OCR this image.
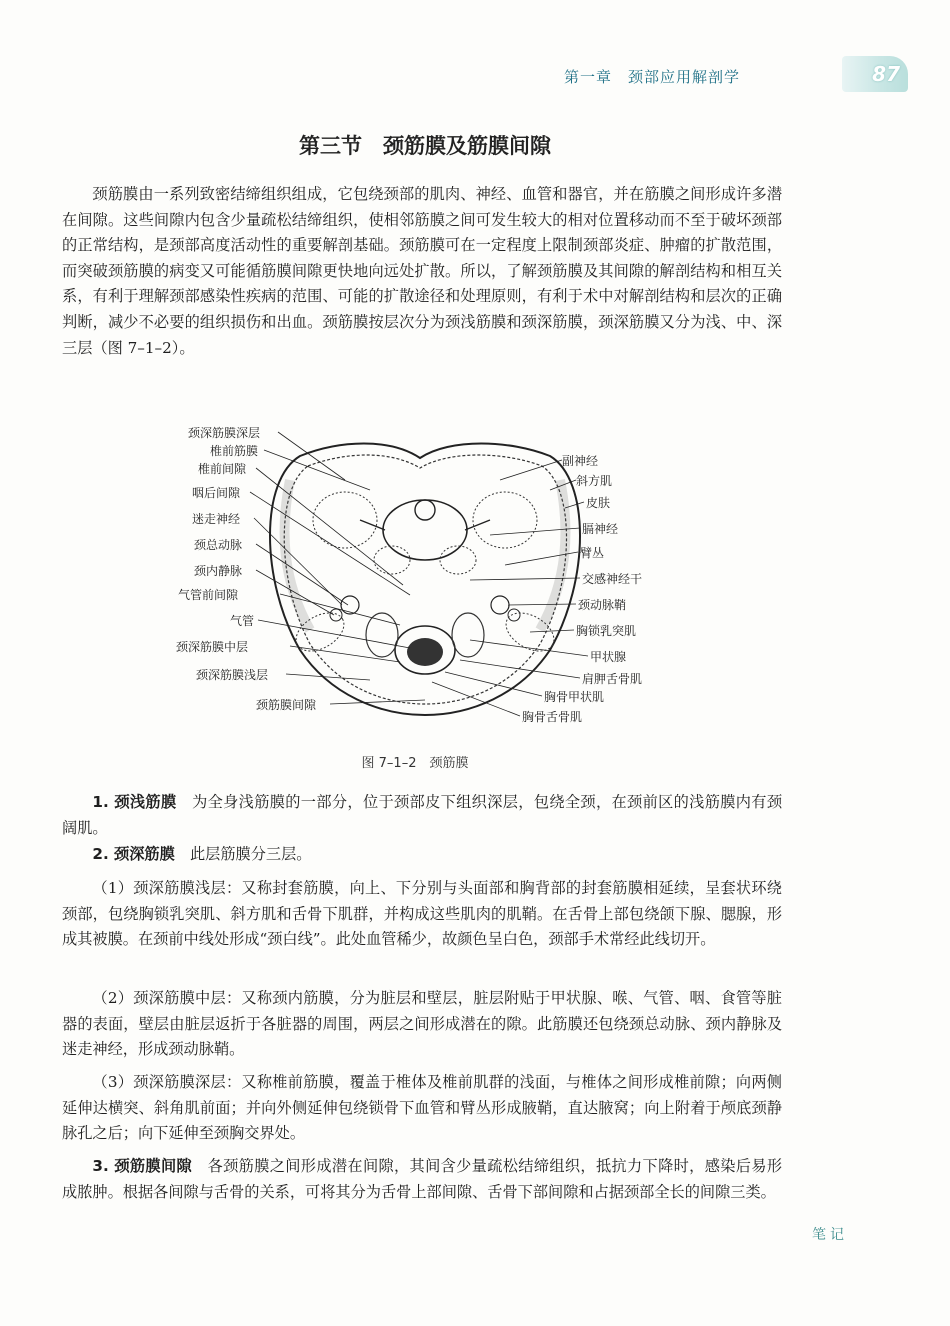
第一章　颈部应用解剖学	87
第三节　颈筋膜及筋膜间隙

颈筋膜由一系列致密结缔组织组成，它包绕颈部的肌肉、神经、血管和器官，并在筋膜之间形成许多潜在间隙。这些间隙内包含少量疏松结缔组织，使相邻筋膜之间可发生较大的相对位置移动而不至于破坏颈部的正常结构，是颈部高度活动性的重要解剖基础。颈筋膜可在一定程度上限制颈部炎症、肿瘤的扩散范围，而突破颈筋膜的病变又可能循筋膜间隙更快地向远处扩散。所以，了解颈筋膜及其间隙的解剖结构和相互关系，有利于理解颈部感染性疾病的范围、可能的扩散途径和处理原则，有利于术中对解剖结构和层次的正确判断，减少不必要的组织损伤和出血。颈筋膜按层次分为颈浅筋膜和颈深筋膜，颈深筋膜又分为浅、中、深三层（图 7–1–2）。

颈深筋膜深层
椎前筋膜
椎前间隙
咽后间隙
迷走神经
颈总动脉
颈内静脉
气管前间隙
气管
颈深筋膜中层
颈深筋膜浅层
颈筋膜间隙
副神经
斜方肌
皮肤
膈神经
臂丛
交感神经干
颈动脉鞘
胸锁乳突肌
甲状腺
肩胛舌骨肌
胸骨甲状肌
胸骨舌骨肌
图 7–1–2　颈筋膜

1. 颈浅筋膜　 为全身浅筋膜的一部分，位于颈部皮下组织深层，包绕全颈，在颈前区的浅筋膜内有颈阔肌。

2. 颈深筋膜　 此层筋膜分三层。

（1）颈深筋膜浅层：又称封套筋膜，向上、下分别与头面部和胸背部的封套筋膜相延续，呈套状环绕颈部，包绕胸锁乳突肌、斜方肌和舌骨下肌群，并构成这些肌肉的肌鞘。在舌骨上部包绕颌下腺、腮腺，形成其被膜。在颈前中线处形成“颈白线”。此处血管稀少，故颜色呈白色，颈部手术常经此线切开。

（2）颈深筋膜中层：又称颈内筋膜，分为脏层和壁层，脏层附贴于甲状腺、喉、气管、咽、食管等脏器的表面，壁层由脏层返折于各脏器的周围，两层之间形成潜在的隙。此筋膜还包绕颈总动脉、颈内静脉及迷走神经，形成颈动脉鞘。

（3）颈深筋膜深层：又称椎前筋膜，覆盖于椎体及椎前肌群的浅面，与椎体之间形成椎前隙；向两侧延伸达横突、斜角肌前面；并向外侧延伸包绕锁骨下血管和臂丛形成腋鞘，直达腋窝；向上附着于颅底颈静脉孔之后；向下延伸至颈胸交界处。

3. 颈筋膜间隙　 各颈筋膜之间形成潜在间隙，其间含少量疏松结缔组织，抵抗力下降时，感染后易形成脓肿。根据各间隙与舌骨的关系，可将其分为舌骨上部间隙、舌骨下部间隙和占据颈部全长的间隙三类。

笔记
